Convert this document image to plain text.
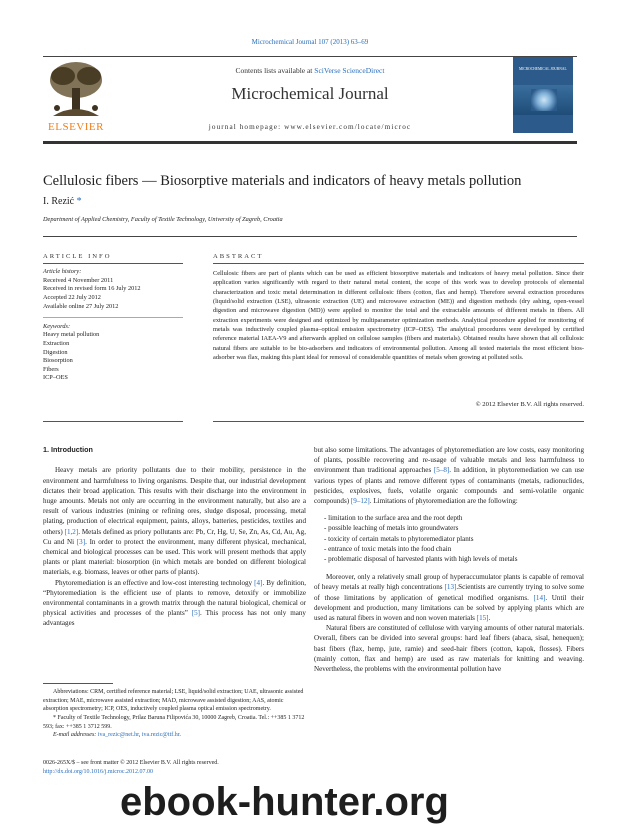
Microchemical Journal 107 (2013) 63–69
ELSEVIER
Contents lists available at SciVerse ScienceDirect
Microchemical Journal
journal homepage: www.elsevier.com/locate/microc
MICROCHEMICAL JOURNAL
Cellulosic fibers — Biosorptive materials and indicators of heavy metals pollution
I. Rezić *
Department of Applied Chemistry, Faculty of Textile Technology, University of Zagreb, Croatia
ARTICLE INFO	ABSTRACT
Article history:
Received 4 November 2011
Received in revised form 16 July 2012
Accepted 22 July 2012
Available online 27 July 2012
Keywords:
Heavy metal pollution
Extraction
Digestion
Biosorption
Fibers
ICP–OES
Cellulosic fibers are part of plants which can be used as efficient biosorptive materials and indicators of heavy metal pollution. Since their application varies significantly with regard to their natural metal content, the scope of this work was to develop protocols of elemental characterization and toxic metal determination in different cellulosic fibers (cotton, flax and hemp). Therefore several extraction procedures (liquid/solid extraction (LSE), ultrasonic extraction (UE) and microwave extraction (ME)) and digestion methods (dry ashing, open-vessel digestion and microwave digestion (MD)) were applied to monitor the total and the extractable amounts of different metals in fibers. All extraction experiments were designed and optimized by multiparameter optimization methods. Analytical procedure applied for monitoring of metals was inductively coupled plasma–optical emission spectrometry (ICP–OES). The analytical procedures were developed by certified reference material IAEA-V9 and afterwards applied on cellulose samples (fibers and materials). Obtained results have shown that all cellulosic natural fibers are suitable to be bio-adsorbers and indicators of environmental pollution. Among all tested materials the most efficient bios-adsorber was flax, making this plant ideal for removal of considerable quantities of metals when growing at polluted soils.
© 2012 Elsevier B.V. All rights reserved.
1. Introduction

Heavy metals are priority pollutants due to their mobility, persistence in the environment and harmfulness to living organisms. Despite that, our industrial development dictates their broad application. This results with their discharge into the environment in huge amounts. Metals not only are occurring in the environment naturally, but also are a result of various industries (mining or refining ores, sludge disposal, processing, metal plating, production of electrical equipment, paints, alloys, batteries, pesticides, textiles and others) [1,2]. Metals defined as priory pollutants are: Pb, Cr, Hg, U, Se, Zn, As, Cd, Au, Ag, Cu and Ni [3]. In order to protect the environment, many different physical, mechanical, chemical and biological processes can be used. This work will present methods that apply plants or plant material: biosorption (in which metals are bonded on different biological materials, e.g. biomass, leaves or other parts of plants).

Phytoremediation is an effective and low-cost interesting technology [4]. By definition, “Phytoremediation is the efficient use of plants to remove, detoxify or immobilize environmental contaminants in a growth matrix through the natural biological, chemical or physical activities and processes of the plants” [5]. This process has not only many advantages

but also some limitations. The advantages of phytoremediation are low costs, easy monitoring of plants, possible recovering and re-usage of valuable metals and less harmfulness to environment than traditional approaches [5–8]. In addition, in phytoremediation we can use various types of plants and remove different types of contaminants (metals, radionuclides, pesticides, explosives, fuels, volatile organic compounds and semi-volatile organic compounds) [9–12]. Limitations of phytoremediation are the following:

- limitation to the surface area and the root depth
- possible leaching of metals into groundwaters
- toxicity of certain metals to phytoremediator plants
- entrance of toxic metals into the food chain
- problematic disposal of harvested plants with high levels of metals

Moreover, only a relatively small group of hyperaccumulator plants is capable of removal of heavy metals at really high concentrations [13].Scientists are currently trying to solve some of those limitations by application of genetical modified organisms. [14]. Until their development and production, many limitations can be solved by applying plants which are used as natural fibers in woven and non woven materials [15].

Natural fibers are constituted of cellulose with varying amounts of other natural materials. Overall, fibers can be divided into several groups: hard leaf fibers (abaca, sisal, henequen); bast fibers (flax, hemp, jute, ramie) and seed-hair fibers (cotton, kapok, flosses). Fibers (mainly cotton, flax and hemp) are used as raw materials for knitting and weaving. Nevertheless, the problems with the environmental pollution have

Abbreviations: CRM, certified reference material; LSE, liquid/solid extraction; UAE, ultrasonic assisted extraction; MAE, microwave assisted extraction; MAD, microwave assisted digestion; AAS, atomic absorption spectrometry; ICP, OES, inductively coupled plasma optical emission spectrometry.
* Faculty of Textile Technology, Prilaz Baruna Filipovića 30, 10000 Zagreb, Croatia. Tel.: ++385 1 3712 593; fax: ++385 1 3712 599.
E-mail addresses: iva_rezic@net.hr, iva.rezic@ttf.hr.
0026-265X/$ – see front matter © 2012 Elsevier B.V. All rights reserved.
http://dx.doi.org/10.1016/j.microc.2012.07.00
ebook-hunter.org
